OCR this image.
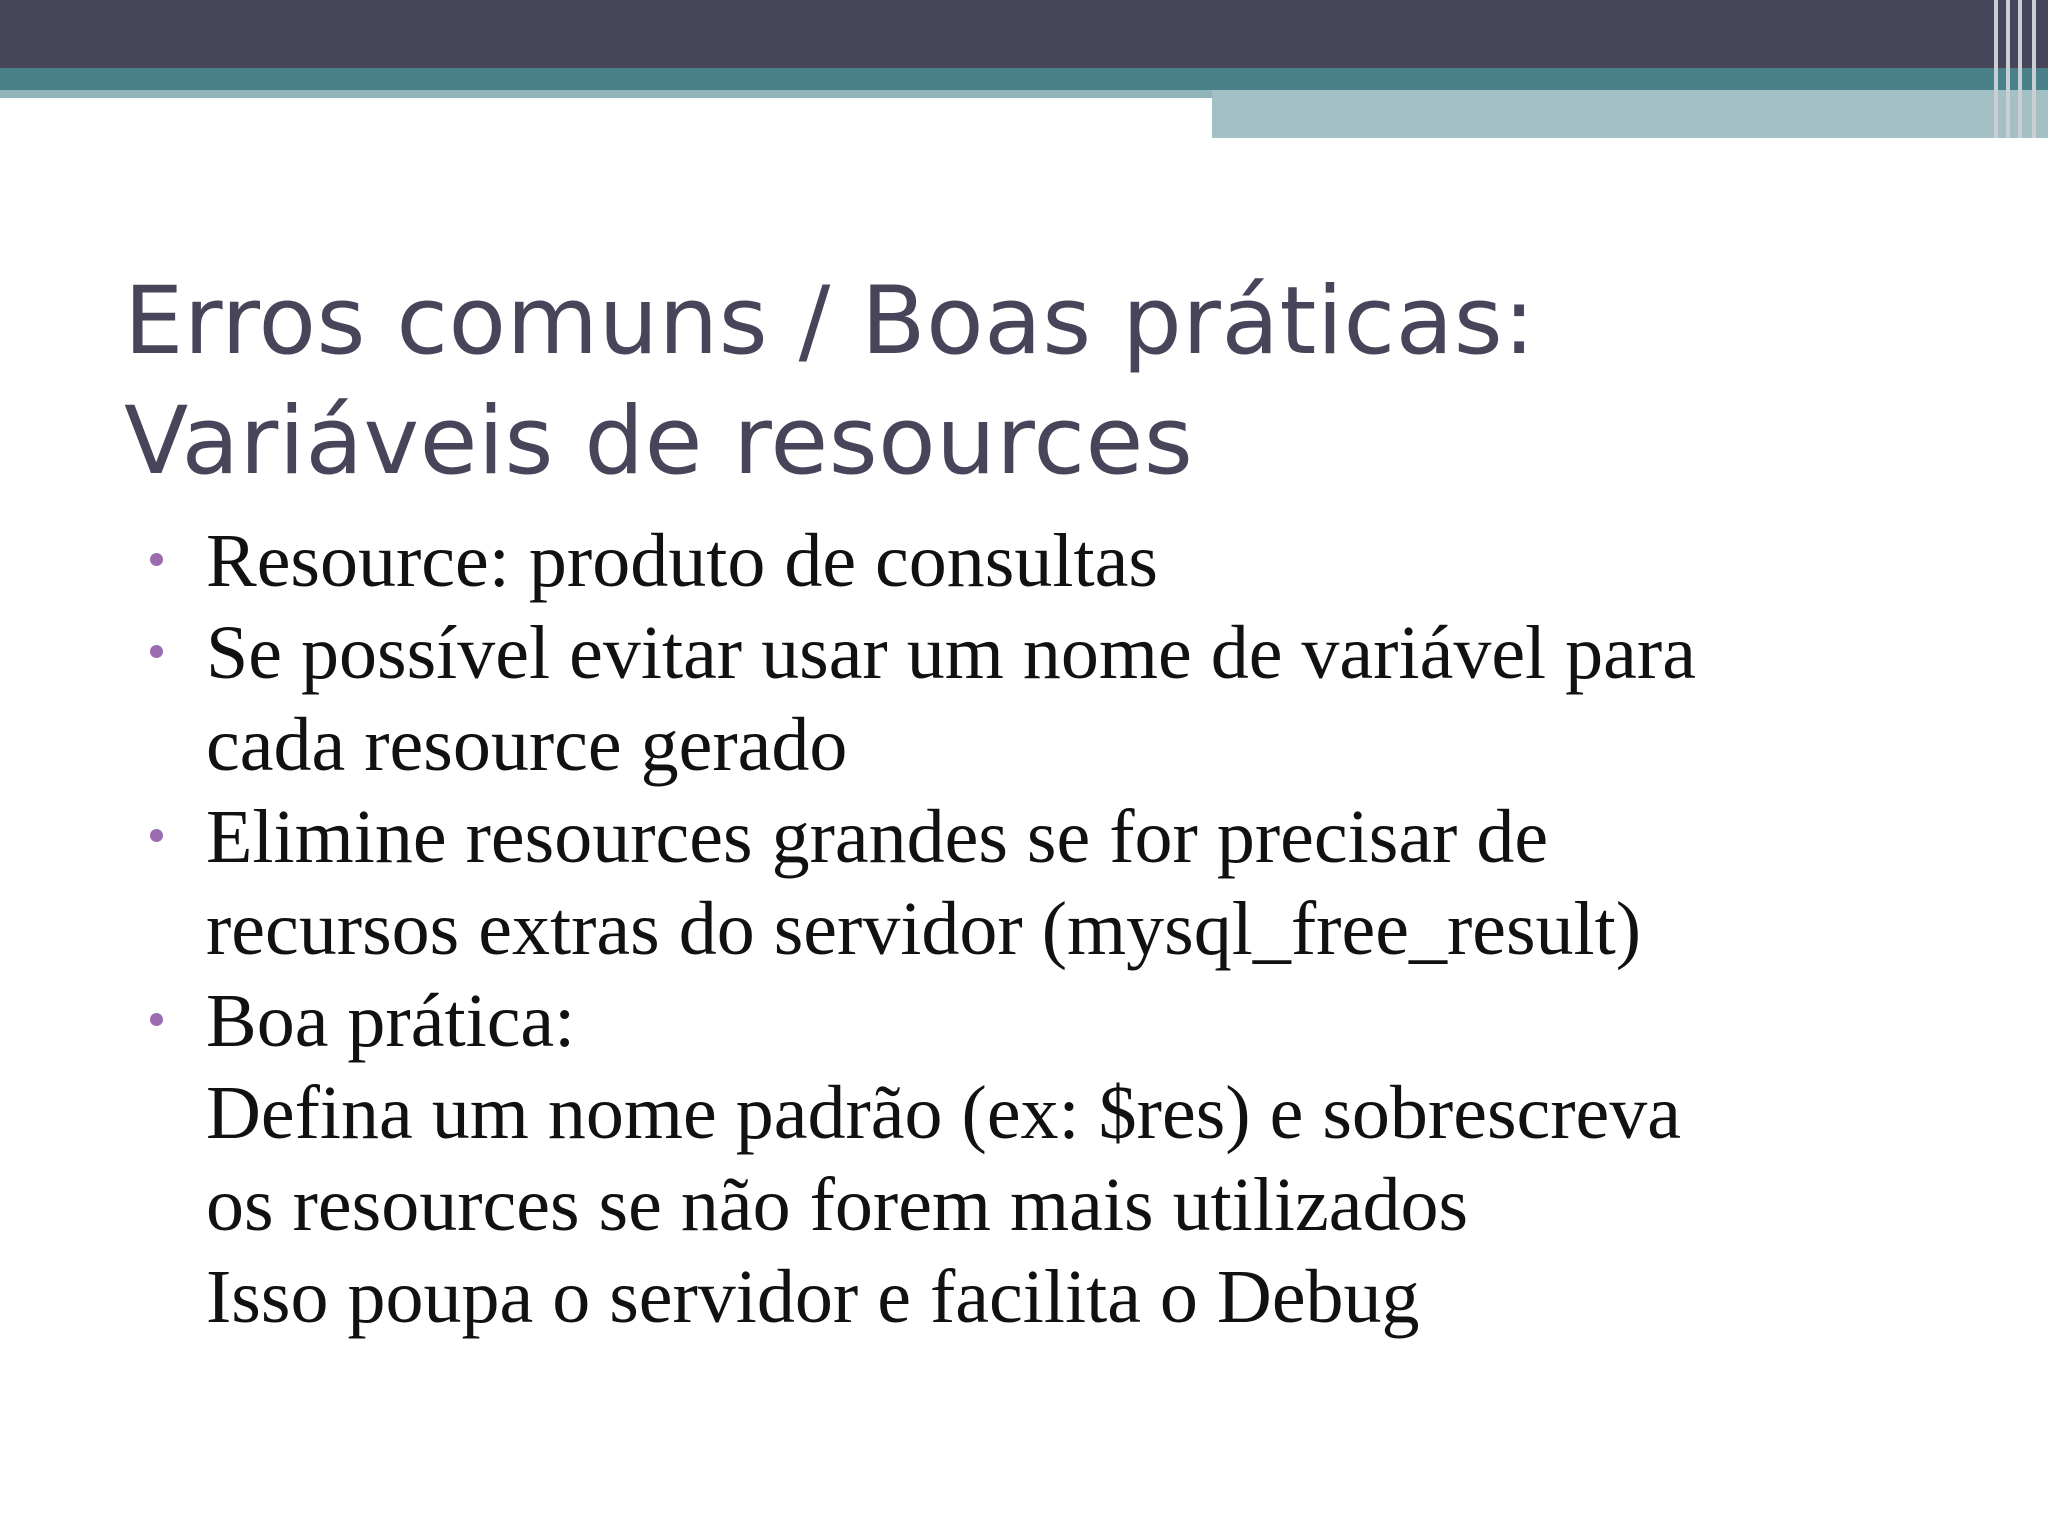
Erros comuns / Boas práticas:
Variáveis de resources
Resource: produto de consultas
Se possível evitar usar um nome de variável para
cada resource gerado
Elimine resources grandes se for precisar de
recursos extras do servidor (mysql_free_result)
Boa prática:
Defina um nome padrão (ex: $res) e sobrescreva
os resources se não forem mais utilizados
Isso poupa o servidor e facilita o Debug
